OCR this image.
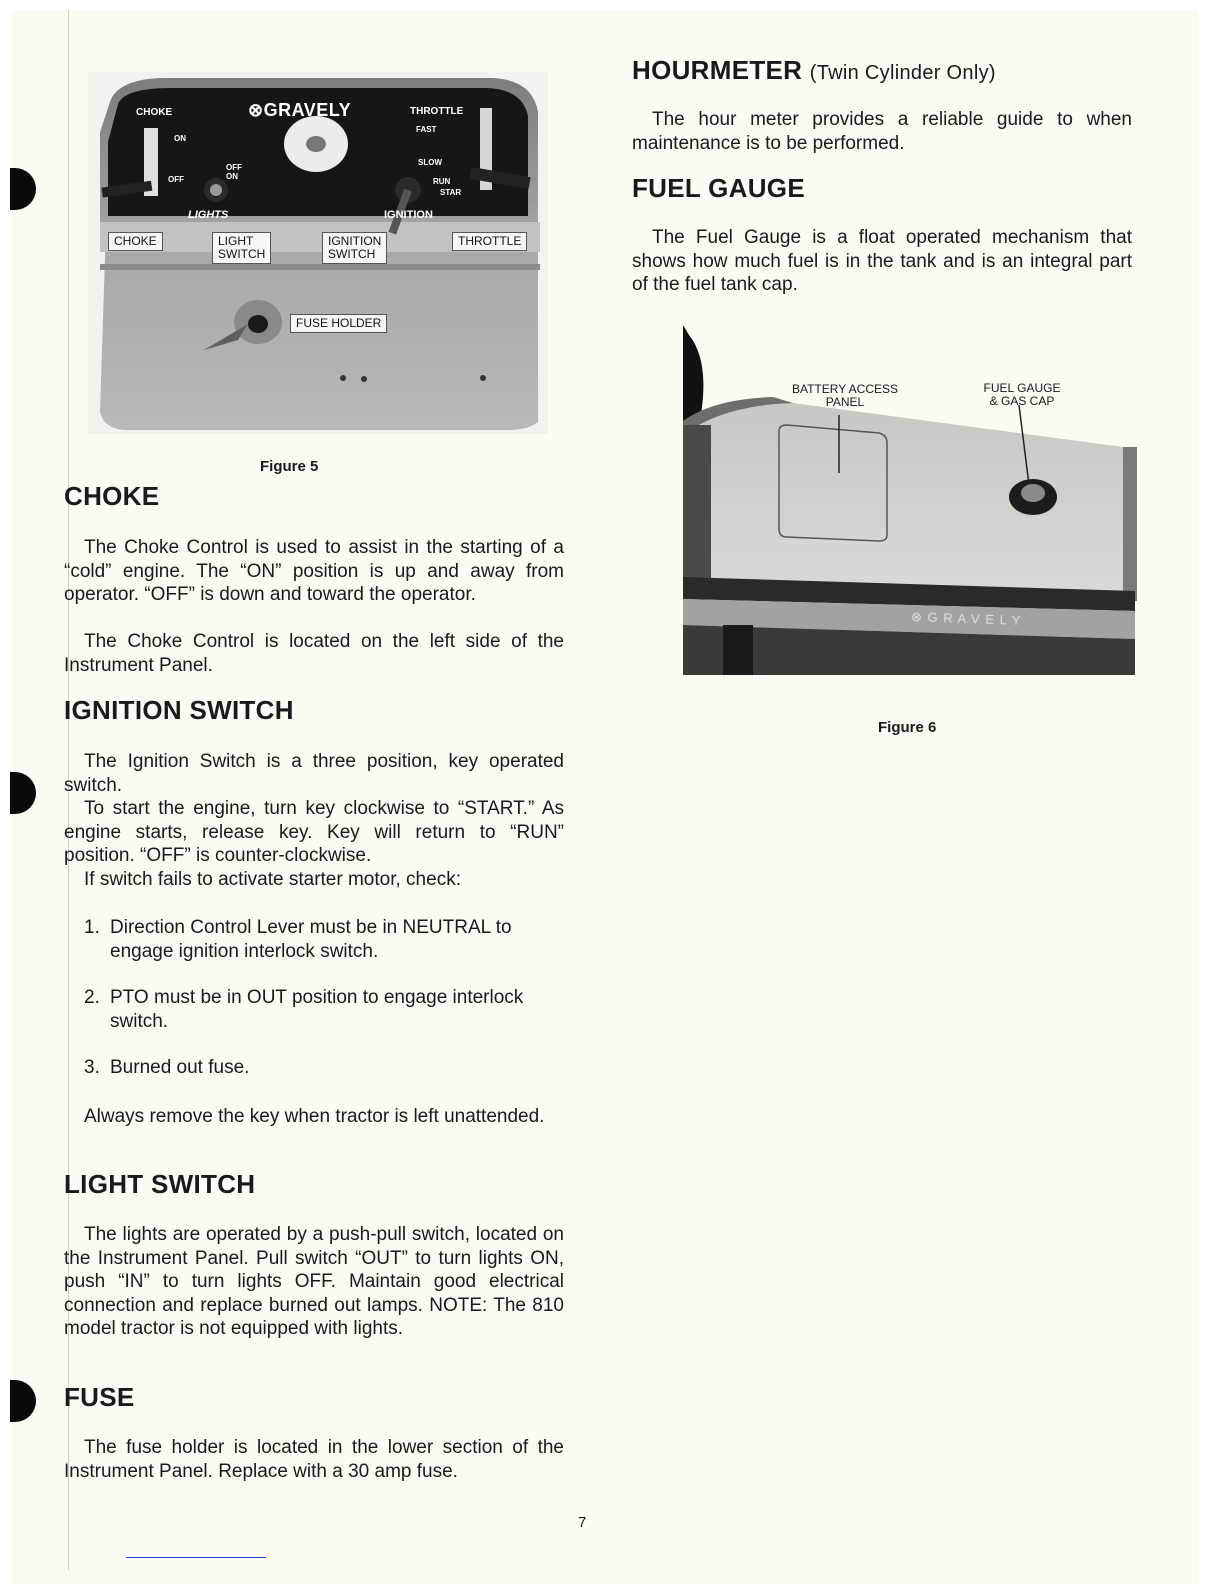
CHOKE	⊗GRAVELY	THROTTLE
ON
OFF
FAST
SLOW
RUN
STAR
OFF
ON
LIGHTS	IGNITION
CHOKE	LIGHT
SWITCH
IGNITION
SWITCH
THROTTLE
FUSE HOLDER
Figure 5
CHOKE

The Choke Control is used to assist in the starting of a “cold” engine. The “ON” position is up and away from operator. “OFF” is down and toward the operator.

The Choke Control is located on the left side of the Instrument Panel.

IGNITION SWITCH

The Ignition Switch is a three position, key operated switch.

To start the engine, turn key clockwise to “START.” As engine starts, release key. Key will return to “RUN” position. “OFF” is counter-clockwise.

If switch fails to activate starter motor, check:

1. Direction Control Lever must be in NEUTRAL to engage ignition interlock switch.
2. PTO must be in OUT position to engage interlock switch.
3. Burned out fuse.

Always remove the key when tractor is left unattended.

LIGHT SWITCH

The lights are operated by a push-pull switch, located on the Instrument Panel. Pull switch “OUT” to turn lights ON, push “IN” to turn lights OFF. Maintain good electrical connection and replace burned out lamps. NOTE: The 810 model tractor is not equipped with lights.

FUSE

The fuse holder is located in the lower section of the Instrument Panel. Replace with a 30 amp fuse.

HOURMETER (Twin Cylinder Only)

The hour meter provides a reliable guide to when maintenance is to be performed.

FUEL GAUGE

The Fuel Gauge is a float operated mechanism that shows how much fuel is in the tank and is an integral part of the fuel tank cap.

⊗ G R A V E L Y
BATTERY ACCESS
PANEL
FUEL GAUGE
& GAS CAP
Figure 6
7
